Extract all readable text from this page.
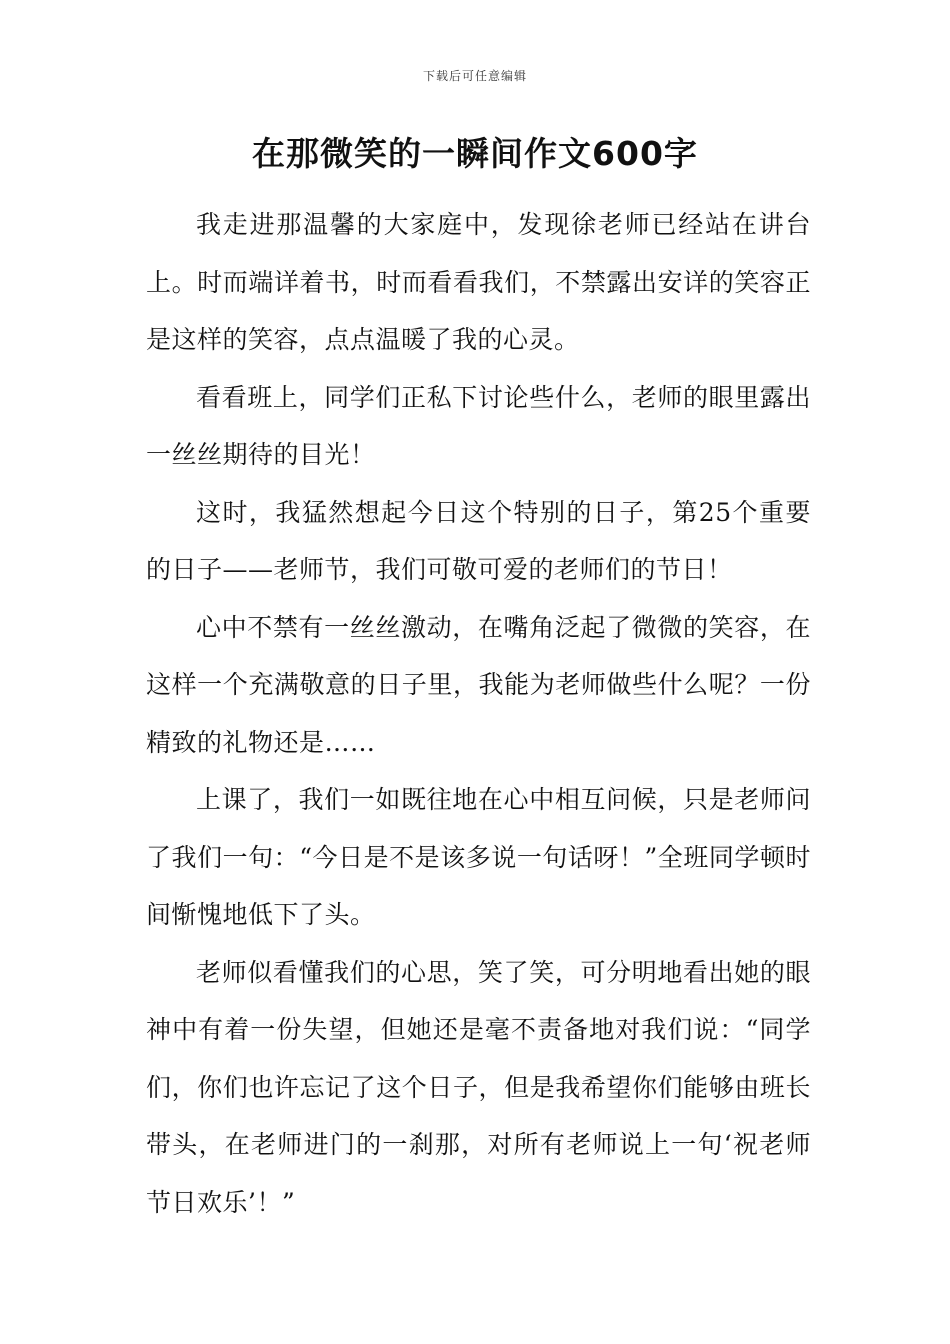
下载后可任意编辑
在那微笑的一瞬间作文600字

我走进那温馨的大家庭中，发现徐老师已经站在讲台上。时而端详着书，时而看看我们，不禁露出安详的笑容正是这样的笑容，点点温暖了我的心灵。

看看班上，同学们正私下讨论些什么，老师的眼里露出一丝丝期待的目光！

这时，我猛然想起今日这个特别的日子，第25个重要的日子——老师节，我们可敬可爱的老师们的节日！

心中不禁有一丝丝激动，在嘴角泛起了微微的笑容，在这样一个充满敬意的日子里，我能为老师做些什么呢？一份精致的礼物还是……

上课了，我们一如既往地在心中相互问候，只是老师问了我们一句：“今日是不是该多说一句话呀！”全班同学顿时间惭愧地低下了头。

老师似看懂我们的心思，笑了笑，可分明地看出她的眼神中有着一份失望，但她还是毫不责备地对我们说：“同学们，你们也许忘记了这个日子，但是我希望你们能够由班长带头，在老师进门的一刹那，对所有老师说上一句‘祝老师节日欢乐’！”
